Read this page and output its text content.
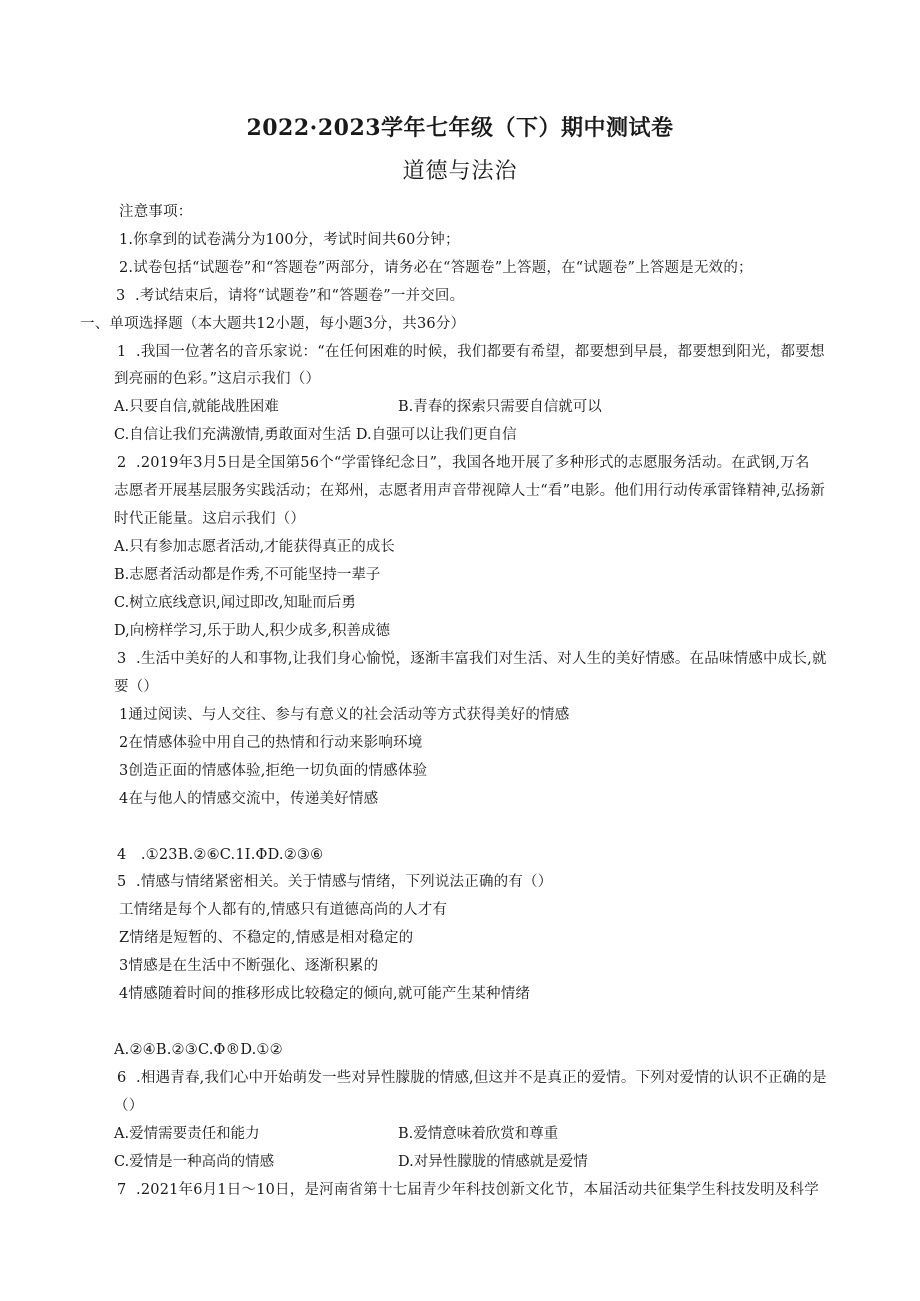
2022·2023学年七年级（下）期中测试卷
道德与法治
注意事项：
1.你拿到的试卷满分为100分，考试时间共60分钟；
2.试卷包括“试题卷”和“答题卷”两部分，请务必在“答题卷”上答题，在“试题卷”上答题是无效的；
3  .考试结束后，请将“试题卷”和“答题卷”一并交回。
一、单项选择题（本大题共12小题，每小题3分，共36分）
1  .我国一位著名的音乐家说：“在任何困难的时候，我们都要有希望，都要想到早晨，都要想到阳光，都要想
到亮丽的色彩。”这启示我们（）
A.只要自信,就能战胜困难	B.青春的探索只需要自信就可以
C.自信让我们充满激情,勇敢面对生活 D.自强可以让我们更自信
2  .2019年3月5日是全国第56个“学雷锋纪念日”，我国各地开展了多种形式的志愿服务活动。在武钢,万名
志愿者开展基层服务实践活动；在郑州，志愿者用声音带视障人士“看”电影。他们用行动传承雷锋精神,弘扬新
时代正能量。这启示我们（）
A.只有参加志愿者活动,才能获得真正的成长
B.志愿者活动都是作秀,不可能坚持一辈子
C.树立底线意识,闻过即改,知耻而后勇
D,向榜样学习,乐于助人,积少成多,积善成德
3  .生活中美好的人和事物,让我们身心愉悦，逐渐丰富我们对生活、对人生的美好情感。在品味情感中成长,就
要（）
1通过阅读、与人交往、参与有意义的社会活动等方式获得美好的情感
2在情感体验中用自己的热情和行动来影响环境
3创造正面的情感体验,拒绝一切负面的情感体验
4在与他人的情感交流中，传递美好情感
4   .①23B.②⑥C.1I.ΦD.②③⑥
5  .情感与情绪紧密相关。关于情感与情绪，下列说法正确的有（）
工情绪是每个人都有的,情感只有道德高尚的人才有
Z情绪是短暂的、不稳定的,情感是相对稳定的
3情感是在生活中不断强化、逐渐积累的
4情感随着时间的推移形成比较稳定的倾向,就可能产生某种情绪
A.②④B.②③C.Φ®D.①②
6  .相遇青春,我们心中开始萌发一些对异性朦胧的情感,但这并不是真正的爱情。下列对爱情的认识不正确的是
（）
A.爱情需要责任和能力	B.爱情意味着欣赏和尊重
C.爱情是一种高尚的情感	D.对异性朦胧的情感就是爱情
7  .2021年6月1日～10日，是河南省第十七届青少年科技创新文化节，本届活动共征集学生科技发明及科学
